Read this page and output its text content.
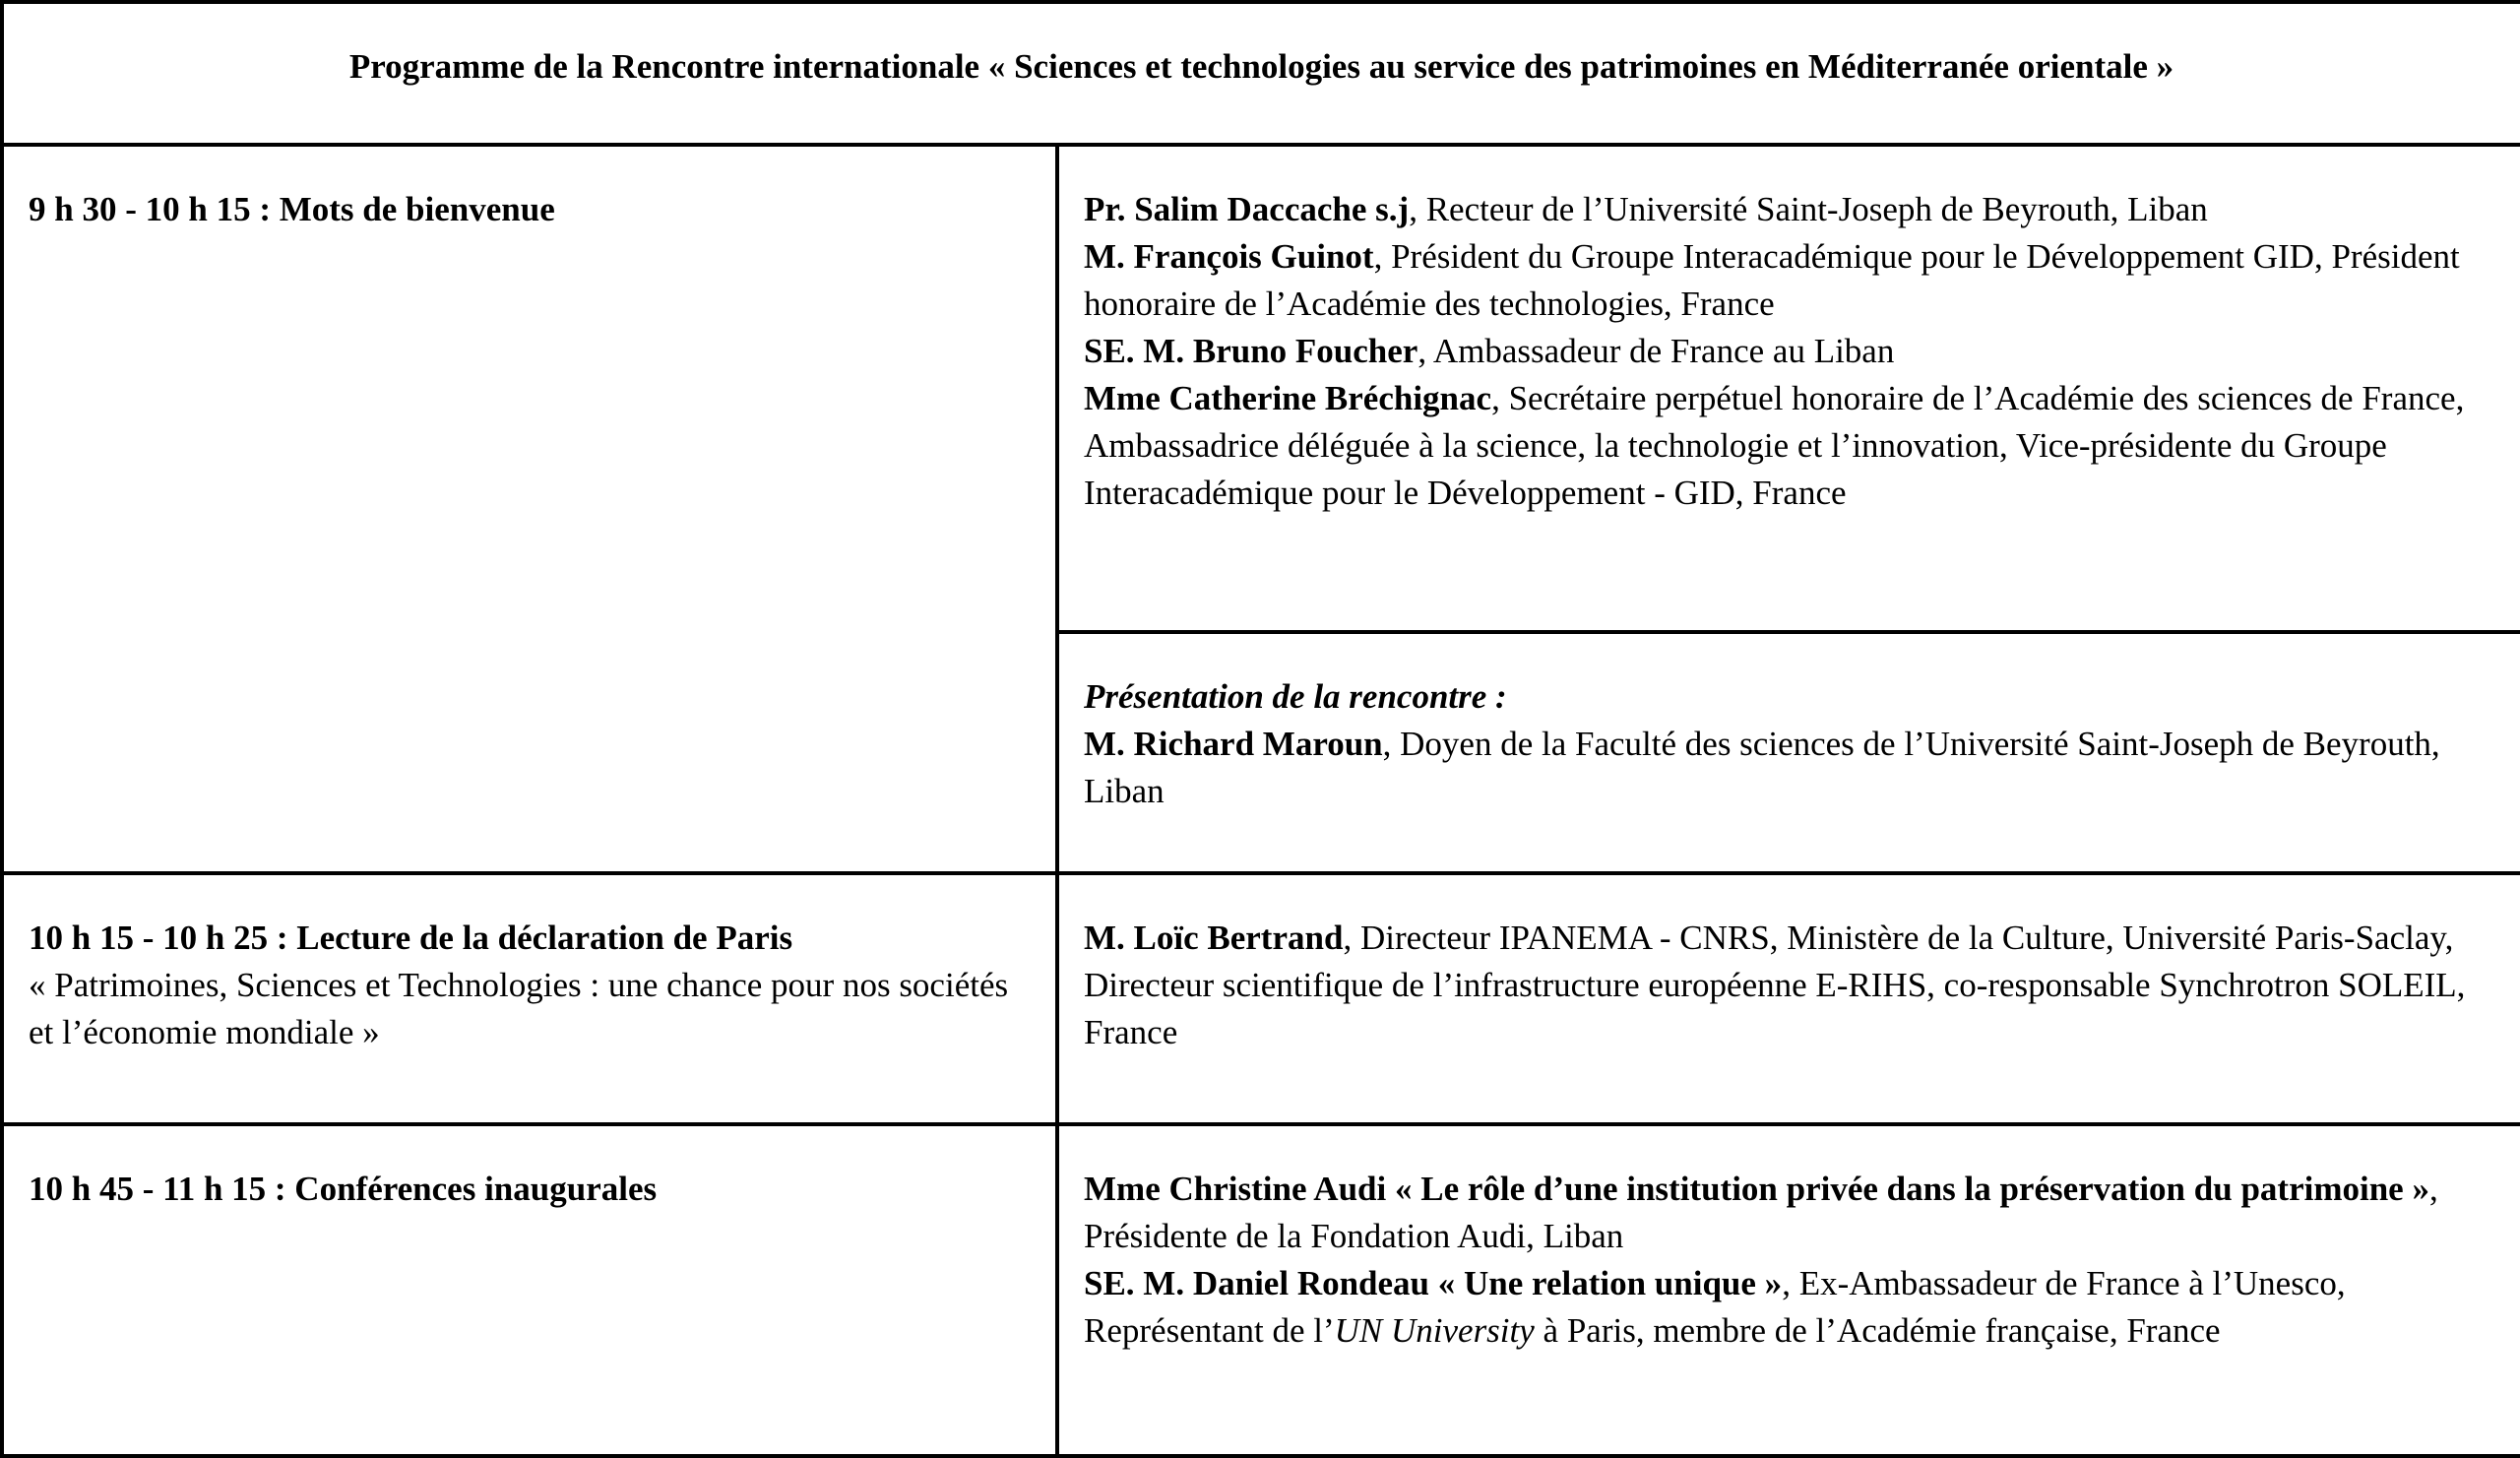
Programme de la Rencontre internationale « Sciences et technologies au service des patrimoines en Méditerranée orientale »	

9 h 30 - 10 h 15 : Mots de bienvenue	Pr. Salim Daccache s.j, Recteur de l’Université Saint-Joseph de Beyrouth, Liban

M. François Guinot, Président du Groupe Interacadémique pour le Développement GID, Président honoraire de l’Académie des technologies, France

SE. M. Bruno Foucher, Ambassadeur de France au Liban

Mme Catherine Bréchignac, Secrétaire perpétuel honoraire de l’Académie des sciences de France, Ambassadrice déléguée à la science, la technologie et l’innovation, Vice-présidente du Groupe Interacadémique pour le Développement - GID, France

	Présentation de la rencontre :

M. Richard Maroun, Doyen de la Faculté des sciences de l’Université Saint-Joseph de Beyrouth, Liban

10 h 15 - 10 h 25 : Lecture de la déclaration de Paris

« Patrimoines, Sciences et Technologies : une chance pour nos sociétés et l’économie mondiale »	M. Loïc Bertrand, Directeur IPANEMA - CNRS, Ministère de la Culture, Université Paris-Saclay, Directeur scientifique de l’infrastructure européenne E-RIHS, co-responsable Synchrotron SOLEIL, France

10 h 45 - 11 h 15 : Conférences inaugurales	Mme Christine Audi « Le rôle d’une institution privée dans la préservation du patrimoine », Présidente de la Fondation Audi, Liban

SE. M. Daniel Rondeau « Une relation unique », Ex-Ambassadeur de France à l’Unesco, Représentant de l’UN University à Paris, membre de l’Académie française, France
